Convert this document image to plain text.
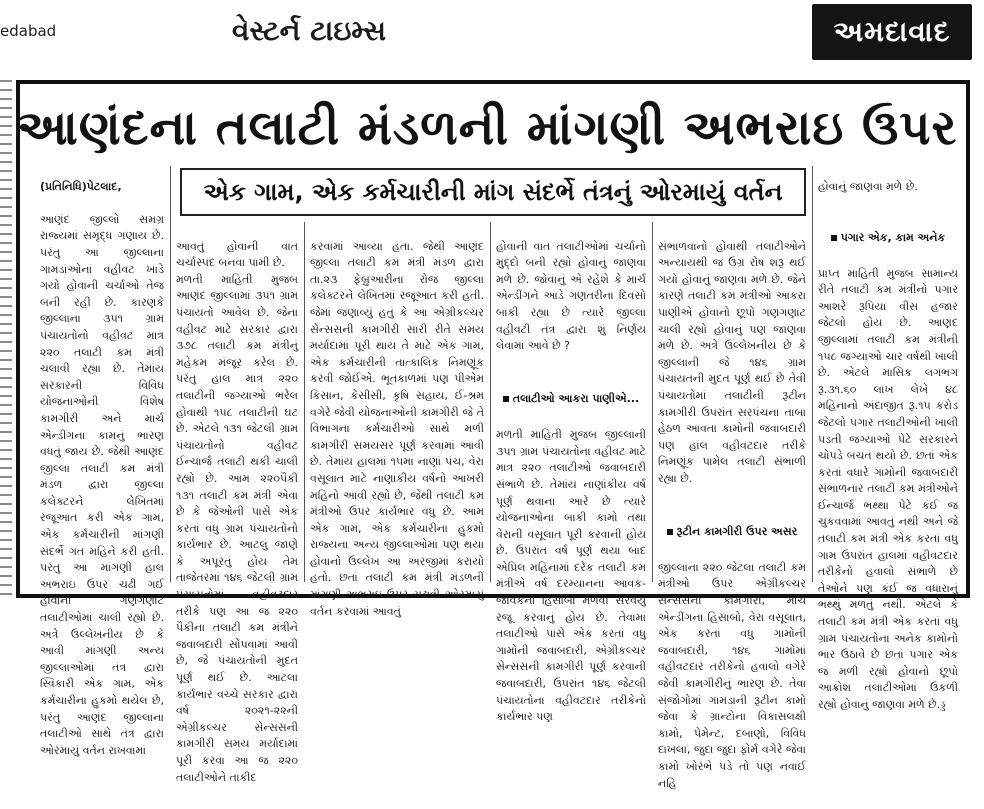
edabad	વેસ્ટર્ન ટાઇમ્સ	અમદાવાદ
આણંદના તલાટી મંડળની માંગણી અભરાઇ ઉપર
એક ગામ, એક કર્મચારીની માંગ સંદર્ભે તંત્રનું ઓરમાયું વર્તન

(પ્રતિનિધિ)પેટલાદ,

આણંદ જીલ્લો સમગ્ર રાજ્યમાં સમૃદ્ધ ગણાય છે. પરંતુ આ જીલ્લાના ગામડાંઓનાં વહીવટ ખાડે ગયો હોવાની ચર્ચાઓ તેજ બની રહી છે. કારણકે જીલ્લાના ૩૫૧ ગ્રામ પંચાયતોનો વહીવટ માત્ર ૨૨૦ તલાટી કમ મંત્રી ચલાવી રહ્યા છે. તેમાંય સરકારની વિવિધ યોજનાઓની વિશેષ કામગીરી અને માર્ચ એન્ડીંગના કામનું ભારણ વધતું જાય છે. જેથી આણંદ જીલ્લા તલાટી કમ મંત્રી મંડળ દ્વારા જીલ્લા કલેક્ટરને લેખિતમાં રજૂઆત કરી એક ગામ, એક કર્મચારીની માંગણી સંદર્ભે ગત મહિને કરી હતી. પરંતુ આ માંગણી હાલ અભરાઇ ઉપર ચઢી ગઈ હોવાનો ગણગણાટ તલાટીઓમાં ચાલી રહ્યો છે. અત્રે ઉલ્લેખનીય છે કે આવી માંગણી અન્ય જીલ્લાઓમાં તંત્ર દ્વારા સ્વિકારી એક ગામ, એક કર્મચારીના હુકમો થયેલ છે, પરંતુ આણંદ જીલ્લાના તલાટીઓ સાથે તંત્ર દ્વારા ઓરમાયું વર્તન રાખવામાં

આવતું હોવાની વાત ચર્ચાસ્પદ બનવા પામી છે.
મળતી માહિતી મુજબ આણંદ જીલ્લામાં ૩૫૧ ગ્રામ પંચાયતો આવેલ છે. જેના વહીવટ માટે સરકાર દ્વારા ૩૭૮ તલાટી કમ મંત્રીનું મહેકમ મંજૂર કરેલ છે. પરંતુ હાલ માત્ર ૨૨૦ તલાટીની જગ્યાઓ ભરેલ હોવાથી ૧૫૮ તલાટીની ઘટ છે. એટલે ૧૩૧ જેટલી ગ્રામ પંચાયતોનો વહીવટ ઈન્ચાર્જ તલાટી થકી ચાલી રહ્યો છે. આમ ૨૨૦પૈકી ૧૩૧ તલાટી કમ મંત્રી એવા છે કે જેઓની પાસે એક કરતાં વધુ ગ્રામ પંચાયતોનો કાર્યભાર છે. આટલું જાણે કે અપૂરતું હોય તેમ તાજેતરમાં ૧૪૬ જેટલી ગ્રામ પંચાયતોમાં વહીવટદાર તરીકે પણ આ જ ૨૨૦ પૈકીના તલાટી કમ મંત્રીને જવાબદારી સોંપવામાં આવી છે, જે પંચાયતોની મુદત પૂર્ણ થઈ છે. આટલા કાર્યભાર વચ્ચે સરકાર દ્વારા વર્ષ ૨૦૨૧-૨૨ની એગ્રીકલ્ચર સેન્સસની કામગીરી સમય મર્યાદામાં પૂરી કરવા આ જ ૨૨૦ તલાટીઓને તાકીદ

કરવામાં આવ્યા હતા. જેથી આણંદ જીલ્લા તલાટી કમ મંત્રી મંડળ દ્વારા તા.૨૩ ફેબ્રુઆરીના રોજ જીલ્લા કલેક્ટરને લેખિતમાં રજૂઆત કરી હતી. જેમાં જણાવ્યું હતું કે આ એગ્રીકલ્ચર સેન્સસની કામગીરી સારી રીતે સમય મર્યાદામાં પૂરી થાય તે માટે એક ગામ, એક કર્મચારીની તાત્કાલિક નિમણૂંક કરવી જોઈએ. ભૂતકાળમાં પણ પીએમ કિસાન, કેસીસી, કૃષિ સહાય, ઈ-શ્રમ વગેરે જેવી યોજનાઓની કામગીરી જે તે વિભાગના કર્મચારીઓ સાથે મળી કામગીરી સમયસર પૂર્ણ કરવામાં આવી છે. તેમાંય હાલમાં ૧૫મા નાણાં પંચ, વેરા વસૂલાત માટે નાણાંકીય વર્ષનો આખરી મહિનો આવી રહ્યો છે, જેથી તલાટી કમ મંત્રીઓ ઉપર કાર્યભાર વધુ છે. આમ એક ગામ, એક કર્મચારીના હુકમો રાજ્યના અન્ય જીલ્લાઓમાં પણ થયા હોવાનો ઉલ્લેખ આ અરજીમાં કરાયો હતો. છતાં તલાટી કમ મંત્રી મંડળની માંગણી અભરાઇ ઉપર ચઢાવી ઓરમાયું વર્તન કરવામાં આવતું

હોવાની વાત તલાટીઓમાં ચર્ચાનો મુદ્દો બની રહ્યો હોવાનું જાણવા મળે છે. જોવાનું એ રહેશે કે માર્ચ એન્ડીંગને આડે ગણતરીના દિવસો બાકી રહ્યા છે ત્યારે જીલ્લા વહીવટી તંત્ર દ્વારા શું નિર્ણય લેવામાં આવે છે ?

તલાટીઓ આકરા પાણીએ...

મળતી માહિતી મુજબ જીલ્લાની ૩૫૧ ગ્રામ પંચાયતોના વહીવટ માટે માત્ર ૨૨૦ તલાટીઓ જવાબદારી સંભાળે છે. તેમાંય નાણાંકીય વર્ષ પૂર્ણ થવાના આરે છે ત્યારે યોજનાઓના બાકી કામો તથા વેરાની વસૂલાત પૂરી કરવાની હોય છે. ઉપરાંત વર્ષ પૂર્ણ થયા બાદ એપ્રિલ મહિનામાં દરેક તલાટી કમ મંત્રીએ વર્ષ દરમ્યાનના આવક-જાવકના હિસાબો મેળવી સરવૈયું રજૂ કરવાનું હોય છે. તેવામાં તલાટીઓ પાસે એક કરતાં વધુ ગામોની જવાબદારી, એગ્રીકલ્ચર સેન્સસની કામગીરી પૂર્ણ કરવાની જવાબદારી, ઉપરાંત ૧૪૬ જેટલી પંચાયતોના વહીવટદાર તરીકેનો કાર્યભાર પણ

સંભાળવાનો હોવાથી તલાટીઓને અન્યાયથી જ ઉગ્ર રોષ શરૂ થઈ ગયો હોવાનું જાણવા મળે છે. જેને કારણે તલાટી કમ મંત્રીઓ આકરા પાણીએ હોવાનો છૂપો ગણગણાટ ચાલી રહ્યો હોવાનું પણ જાણવા મળે છે. અત્રે ઉલ્લેખનીય છે કે જીલ્લાની જે ૧૪૬ ગ્રામ પંચાયતની મુદત પૂર્ણ થઈ છે તેવી પંચાયતોમાં તલાટીની રૂટીન કામગીરી ઉપરાંત સરપંચના તાબા હેઠળ આવતા કામોની જવાબદારી પણ હાલ વહીવટદાર તરીકે નિમણૂંક પામેલ તલાટી સંભાળી રહ્યા છે.

રૂટીન કામગીરી ઉપર અસર

જીલ્લાના ૨૨૦ જેટલા તલાટી કમ મંત્રીઓ ઉપર એગ્રીકલ્ચર સેન્સસની કામગીરી, માર્ચ એન્ડીંગના હિસાબો, વેરા વસૂલાત, એક કરતાં વધુ ગામોની જવાબદારી, ૧૪૬ ગામોમાં વહીવટદાર તરીકેનો હવાલો વગેરે જેવી કામગીરીનું ભારણ છે. તેવા સંજોગોમાં ગામડાની રૂટીન કામો જેવા કે ગ્રાન્ટોના વિકાસલક્ષી કામો, પેમેન્ટ, દબાણો, વિવિધ દાખલા, જુદા જુદા ફોર્મ વગેરે જેવા કામો ખોરંભે પડે તો પણ નવાઈ નહિ

હોવાનું જાણવા મળે છે.

પગાર એક, કામ અનેક

પ્રાપ્ત માહિતી મુજબ સામાન્ય રીતે તલાટી કમ મંત્રીનો પગાર આશરે રૂપિયા વીસ હજાર જેટલો હોય છે. આણંદ જીલ્લામાં તલાટી કમ મંત્રીની ૧૫૮ જગ્યાઓ ચાર વર્ષથી ખાલી છે. એટલે માસિક લગભગ રૂ.૩૧.૬૦ લાખ લેખે ૪૮ મહિનાનો અંદાજીત રૂ.૧૫ કરોડ જેટલો પગાર તલાટીઓની ખાલી પડતી જગ્યાઓ પેટે સરકારને ચોપડે બચત થયો છે. છતાં એક કરતાં વધારે ગામોની જવાબદારી સંભાળનાર તલાટી કમ મંત્રીઓને ઈન્ચાર્જ ભથ્થા પેટે કંઈ જ ચુકવવામાં આવતું નથી અને જે તલાટી કમ મંત્રી એક કરતાં વધુ ગામ ઉપરાંત હાલમાં વહીવટદાર તરીકેનો હવાલો સંભાળે છે તેઓને પણ કંઈ જ વધારાનું ભથ્થું મળતું નથી. એટલે કે તલાટી કમ મંત્રી એક કરતાં વધુ ગ્રામ પંચાયતોના અનેક કામોનો ભાર ઉઠાવે છે છતાં પગાર એક જ મળી રહ્યો હોવાનો છૂપો આક્રોશ તલાટીઓમાં ઉકળી રહ્યો હોવાનું જાણવા મળે છે.ડ્ડ
